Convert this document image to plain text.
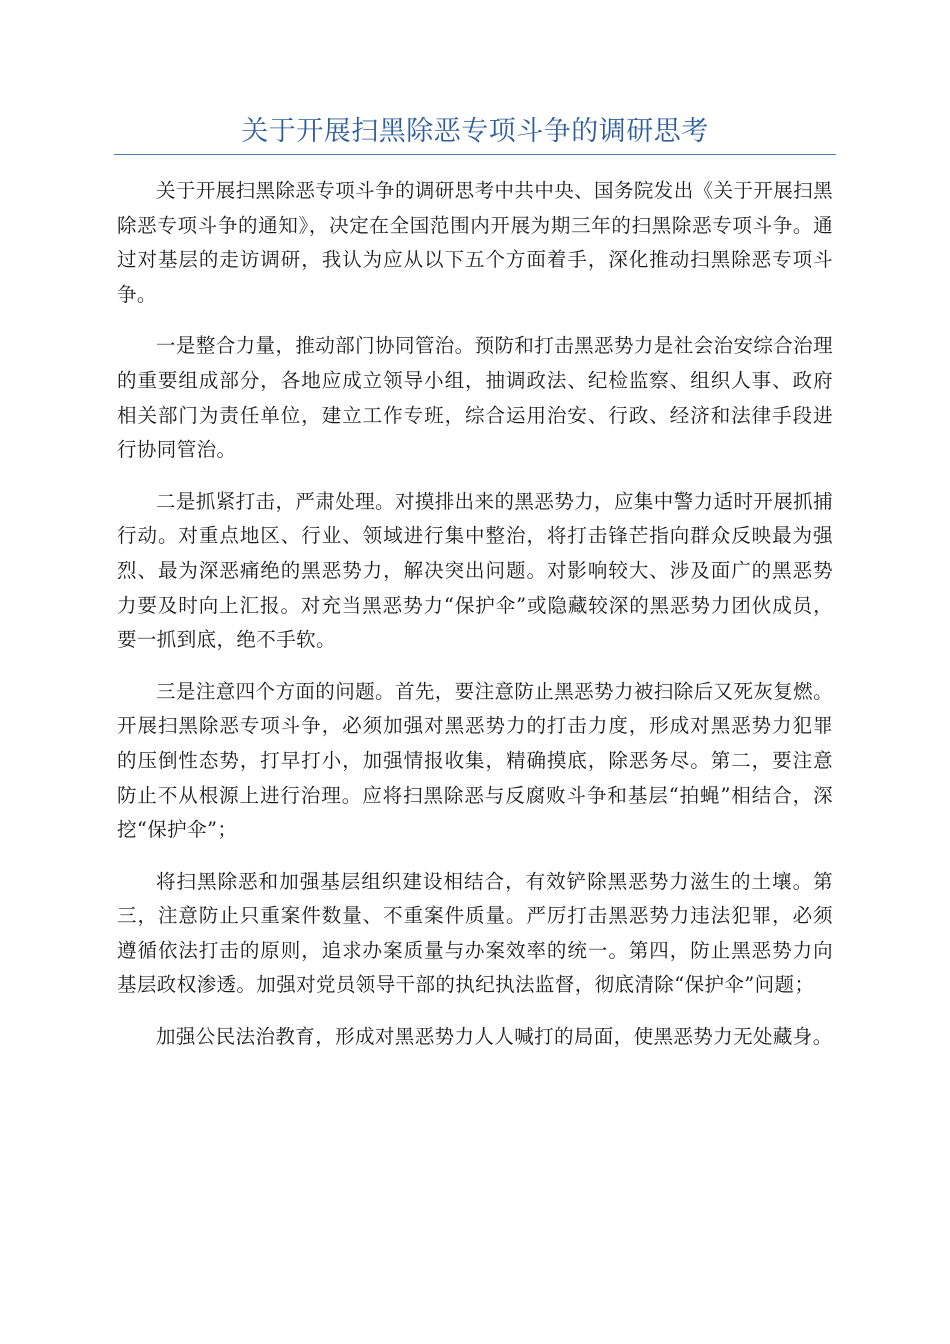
关于开展扫黑除恶专项斗争的调研思考

关于开展扫黑除恶专项斗争的调研思考中共中央、国务院发出《关于开展扫黑除恶专项斗争的通知》，决定在全国范围内开展为期三年的扫黑除恶专项斗争。通过对基层的走访调研，我认为应从以下五个方面着手，深化推动扫黑除恶专项斗争。

一是整合力量，推动部门协同管治。预防和打击黑恶势力是社会治安综合治理的重要组成部分，各地应成立领导小组，抽调政法、纪检监察、组织人事、政府相关部门为责任单位，建立工作专班，综合运用治安、行政、经济和法律手段进行协同管治。

二是抓紧打击，严肃处理。对摸排出来的黑恶势力，应集中警力适时开展抓捕行动。对重点地区、行业、领域进行集中整治，将打击锋芒指向群众反映最为强烈、最为深恶痛绝的黑恶势力，解决突出问题。对影响较大、涉及面广的黑恶势力要及时向上汇报。对充当黑恶势力“保护伞”或隐藏较深的黑恶势力团伙成员，要一抓到底，绝不手软。

三是注意四个方面的问题。首先，要注意防止黑恶势力被扫除后又死灰复燃。开展扫黑除恶专项斗争，必须加强对黑恶势力的打击力度，形成对黑恶势力犯罪的压倒性态势，打早打小，加强情报收集，精确摸底，除恶务尽。第二，要注意防止不从根源上进行治理。应将扫黑除恶与反腐败斗争和基层“拍蝇”相结合，深挖“保护伞”；

将扫黑除恶和加强基层组织建设相结合，有效铲除黑恶势力滋生的土壤。第三，注意防止只重案件数量、不重案件质量。严厉打击黑恶势力违法犯罪，必须遵循依法打击的原则，追求办案质量与办案效率的统一。第四，防止黑恶势力向基层政权渗透。加强对党员领导干部的执纪执法监督，彻底清除“保护伞”问题；

加强公民法治教育，形成对黑恶势力人人喊打的局面，使黑恶势力无处藏身。
